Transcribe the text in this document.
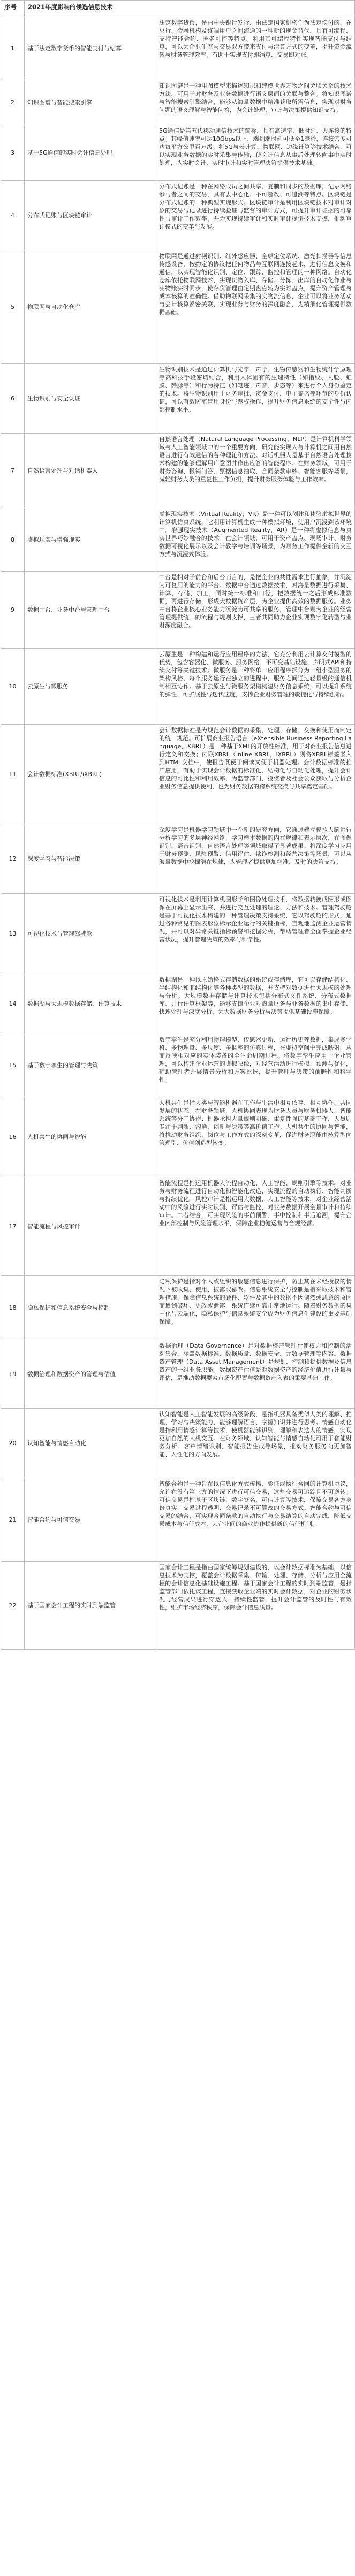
序号	2021年度影响的候选信息技术	
1	基于法定数字货币的智能支付与结算	法定数字货币，是由中央银行发行、由法定国家机构作为法定偿付的，在央行、金融机构及终端用户之间流通的一种新的现金替代，具有可编程、支持智能合约、匿名可控等特点。利用其可编程特性实现智能支付与结算，可以为企业生态与交易双方带来支付与清算方式的变革，提升资金流转与财务管理效率，有助于实现支付即结算、交易即对账。
2	知识图谱与智能搜索引擎	知识图谱是一种用图模型来描述知识和建模世界万物之间关联关系的技术方法，可用于对财务及业务数据进行语义层面的关联与整合。将知识图谱与智能搜索引擎结合，能够从海量数据中精准获取所需信息，实现对财务问题的语义理解与智能问答，为会计处理、审计与决策提供知识支持。
3	基于5G通信的实时会计信息处理	5G通信是第五代移动通信技术的简称，具有高速率、低时延、大连接的特点。其峰值速率可达10Gbps以上，端到端时延可低至1毫秒，连接密度可达每平方公里百万级。将5G与云计算、物联网、边缘计算等技术结合，可以实现业务数据的实时采集与传输，使会计信息从事后处理转向事中实时处理，为实时会计、实时审计和实时管理决策提供技术基础。
4	分布式记账与区块链审计	分布式记账是一种在网络成员之间共享、复制和同步的数据库，记录网络参与者之间的交易，具有去中心化、不可篡改、可追溯等特点。区块链是分布式记账的一种典型实现形式。区块链审计是利用区块链技术对审计对象的交易与记录进行持续验证与监督的审计方式，可提升审计证据的可靠性与审计工作效率，并为实现持续审计和实时审计提供技术支撑，推动审计模式的变革与发展。
5	物联网与自动化仓库	物联网是通过射频识别、红外感应器、全球定位系统、激光扫描器等信息传感设备，按约定的协议把任何物品与互联网连接起来，进行信息交换和通信，以实现智能化识别、定位、跟踪、监控和管理的一种网络。自动化仓库依托物联网技术，实现货物入库、存储、分拣、出库的自动化作业与实物账实时同步，使存货管理由定期盘点转为实时盘点，提升资产管理与成本核算的准确性。借助物联网采集的实物流信息，企业可以将业务活动与会计核算紧密关联，实现业务与财务的深度融合，为精细化管理提供数据基础。
6	生物识别与安全认证	生物识别技术是通过计算机与光学、声学、生物传感器和生物统计学原理等高科技手段密切结合，利用人体固有的生理特性（如指纹、人脸、虹膜、静脉等）和行为特征（如笔迹、声音、步态等）来进行个人身份鉴定的技术。将生物识别用于财务审批、资金支付、电子签名等环节的身份认证，可以有效防范冒用身份与越权操作，提升财务信息系统的安全性与内部控制水平。
7	自然语言处理与对话机器人	自然语言处理（Natural Language Processing，NLP）是计算机科学领域与人工智能领域中的一个重要方向，研究能实现人与计算机之间用自然语言进行有效通信的各种理论和方法。对话机器人是基于自然语言处理技术构建的能够理解用户意图并作出应答的智能程序。在财务领域，可用于财务咨询、报销问答、票据信息抽取、合同条款审核、智能客服等场景，减轻财务人员的重复性工作负担，提升财务服务体验与工作效率。
8	虚拟现实与增强现实	虚拟现实技术（Virtual Reality，VR）是一种可以创建和体验虚拟世界的计算机仿真系统，它利用计算机生成一种模拟环境，使用户沉浸到该环境中。增强现实技术（Augmented Reality，AR）是一种将虚拟信息与真实世界巧妙融合的技术。在会计领域，可用于资产盘点、现场审计、财务数据可视化展示以及会计教学与培训等场景，为财务工作提供全新的交互方式与沉浸式体验。
9	数据中台、业务中台与管理中台	中台是相对于前台和后台而言的，是把企业的共性需求进行抽象，并沉淀为可复用的能力的平台。数据中台通过数据技术，对海量数据进行采集、计算、存储、加工，同时统一标准和口径，把数据统一之后形成标准数据，再进行存储，形成大数据资产层，为企业提供高效的数据服务。业务中台将企业核心业务能力沉淀为可共享的服务，管理中台则为企业的经营管理提供统一的流程与规则支撑，三者共同助力企业实现数字化转型与业财深度融合。
10	云原生与微服务	云原生是一种构建和运行应用程序的方法，它充分利用云计算交付模型的优势，包含容器化、微服务、服务网格、不可变基础设施、声明式API和持续交付等关键技术。微服务是一种将单一应用程序拆分为一组小型服务的架构风格，每个服务运行在独立的进程中，服务之间通过轻量级的通信机制相互协作。基于云原生与微服务架构构建财务信息系统，可以提升系统的弹性、可扩展性与迭代速度，支撑企业财务管理的敏捷化与持续创新。
11	会计数据标准(XBRL/iXBRL)	会计数据标准是为规范会计数据的采集、处理、存储、交换和使用而制定的统一规范。可扩展商业报告语言（eXtensible Business Reporting Language，XBRL）是一种基于XML的开放性标准，用于对商业报告信息进行定义和交换；内联XBRL（Inline XBRL，iXBRL）则将XBRL标签嵌入到HTML文档中，使报告既便于阅读又便于机器处理。会计数据标准的推广应用，有助于实现会计数据的标准化、结构化与自动化处理，提升会计信息的可比性和利用效率，为监管部门、投资者及社会公众获取与分析企业财务信息提供便利，也为财务数据的跨系统交换与共享奠定基础。
12	深度学习与智能决策	深度学习是机器学习领域中一个新的研究方向，它通过建立模拟人脑进行分析学习的多层神经网络，学习样本数据的内在规律和表示层次，在图像识别、语音识别、自然语言处理等领域取得了显著成果。将深度学习应用于财务预测、风险预警、信用评估、欺诈检测和经营决策等场景，可以从海量数据中挖掘潜在规律，为管理者提供更加精准、及时的决策支持。
13	可视化技术与管理驾驶舱	可视化技术是利用计算机图形学和图像处理技术，将数据转换成图形或图像在屏幕上显示出来，并进行交互处理的理论、方法和技术。管理驾驶舱是基于可视化技术构建的一种管理决策支持系统，它以驾驶舱的形式，通过各种常见的图表形象标示企业运行的关键指标，直观地监测企业运营情况，并可以对异常关键指标预警和挖掘分析，帮助管理者全面掌握企业经营状况，提升管理决策的效率与科学性。
14	数据湖与大规模数据存储、计算技术	数据湖是一种以原始格式存储数据的系统或存储库，它可以存储结构化、半结构化和非结构化等各种类型的数据，并支持对数据进行大规模的处理与分析。大规模数据存储与计算技术包括分布式文件系统、分布式数据库、并行计算框架等，能够支撑企业对海量财务与业务数据的集中存储、快速处理与深度分析，为大数据财务分析与决策提供基础设施保障。
15	基于数字孪生的管理与决策	数字孪生是充分利用物理模型、传感器更新、运行历史等数据，集成多学科、多物理量、多尺度、多概率的仿真过程，在虚拟空间中完成映射，从而反映相对应的实体装备的全生命周期过程。将数字孪生应用于企业管理，可以构建企业运营的虚拟映像，对经营活动进行模拟、预测与优化，辅助管理者开展情景分析和方案比选，提升管理与决策的前瞻性和科学性。
16	人机共生的协同与智能	人机共生是指人类与智能机器在工作与生活中相互依存、相互协作、共同发展的状态。在财务领域，人机协同表现为财务人员与财务机器人、智能系统等分工协作：机器承担大量规则明确、重复性强的基础工作，人员则专注于判断、沟通、创新与决策等高价值工作。人机共生的协同与智能，将推动财务组织、岗位与工作方式的深刻变革，促进财务职能由核算型向管理型、价值创造型转变。
17	智能流程与风控审计	智能流程是指运用机器人流程自动化、人工智能、规则引擎等技术，对业务与财务流程进行自动化和智能化改造，实现流程的自动执行、智能判断与持续优化。风控审计是指运用大数据、人工智能等技术，对企业经营活动中的风险进行实时识别、评估与监控，对业务数据开展全量审计和持续审计。二者结合，可实现风险的事前预警、事中控制和事后追溯，提升企业内部控制与风险管理水平，保障企业稳健运营与合规经营。
18	隐私保护和信息系统安全与控制	隐私保护是指对个人或组织的敏感信息进行保护，防止其在未经授权的情况下被收集、使用、披露或篡改。信息系统安全与控制是指采取技术和管理措施，保障信息系统的硬件、软件及其中的数据不因偶然或恶意的原因而遭到破坏、更改或泄露，系统连续可靠正常地运行。随着财务数据的集中化与云端化，隐私保护与信息系统安全成为财务信息化建设的重要基础保障。
19	数据治理和数据资产的管理与估值	数据治理（Data Governance）是对数据资产管理行使权力和控制的活动集合，涵盖数据标准、数据质量、数据安全、元数据管理等内容。数据资产管理（Data Asset Management）是规划、控制和提供数据及信息资产的一组业务职能。数据资产估值是对数据资产的经济价值进行计量与评估，是推动数据要素市场化配置与数据资产入表的重要基础工作。
20	认知智能与情感自动化	认知智能是人工智能发展的高级阶段，是指机器具备类似人类的理解、推理、学习与决策能力，能够理解语言、掌握知识并进行思考。情感自动化是指利用情感计算等技术，使机器能够识别、理解和表达人的情感，实现更加自然的人机交互。在财务领域，认知智能与情感自动化可用于智能财务分析、客户情绪识别、智能报告生成等场景，推动财务服务向更加智能、人性化的方向发展。
21	智能合约与可信交易	智能合约是一种旨在以信息化方式传播、验证或执行合同的计算机协议，允许在没有第三方的情况下进行可信交易，这些交易可追踪且不可逆转。可信交易是指基于区块链、数字签名、可信计算等技术，保障交易各方身份真实、交易过程透明、交易记录不可篡改的交易方式。智能合约与可信交易的结合，可实现合同条款的自动执行与交易结算的自动完成，降低交易成本与信任成本，为企业间的商业协作提供新的信任机制。
22	基于国家会计工程的实时到端监管	国家会计工程是指由国家统筹规划建设的，以会计数据标准为基础，以信息技术为支撑，覆盖会计数据采集、传输、处理、存储、分析与应用全流程的会计信息化基础设施工程。基于国家会计工程的实时到端监管，是指监管部门依托该工程，直接获取企业端的实时会计数据，对企业的财务状况与经营成果进行穿透式、持续性监管，提升会计监管的及时性与有效性，维护市场经济秩序，保障会计信息质量。
